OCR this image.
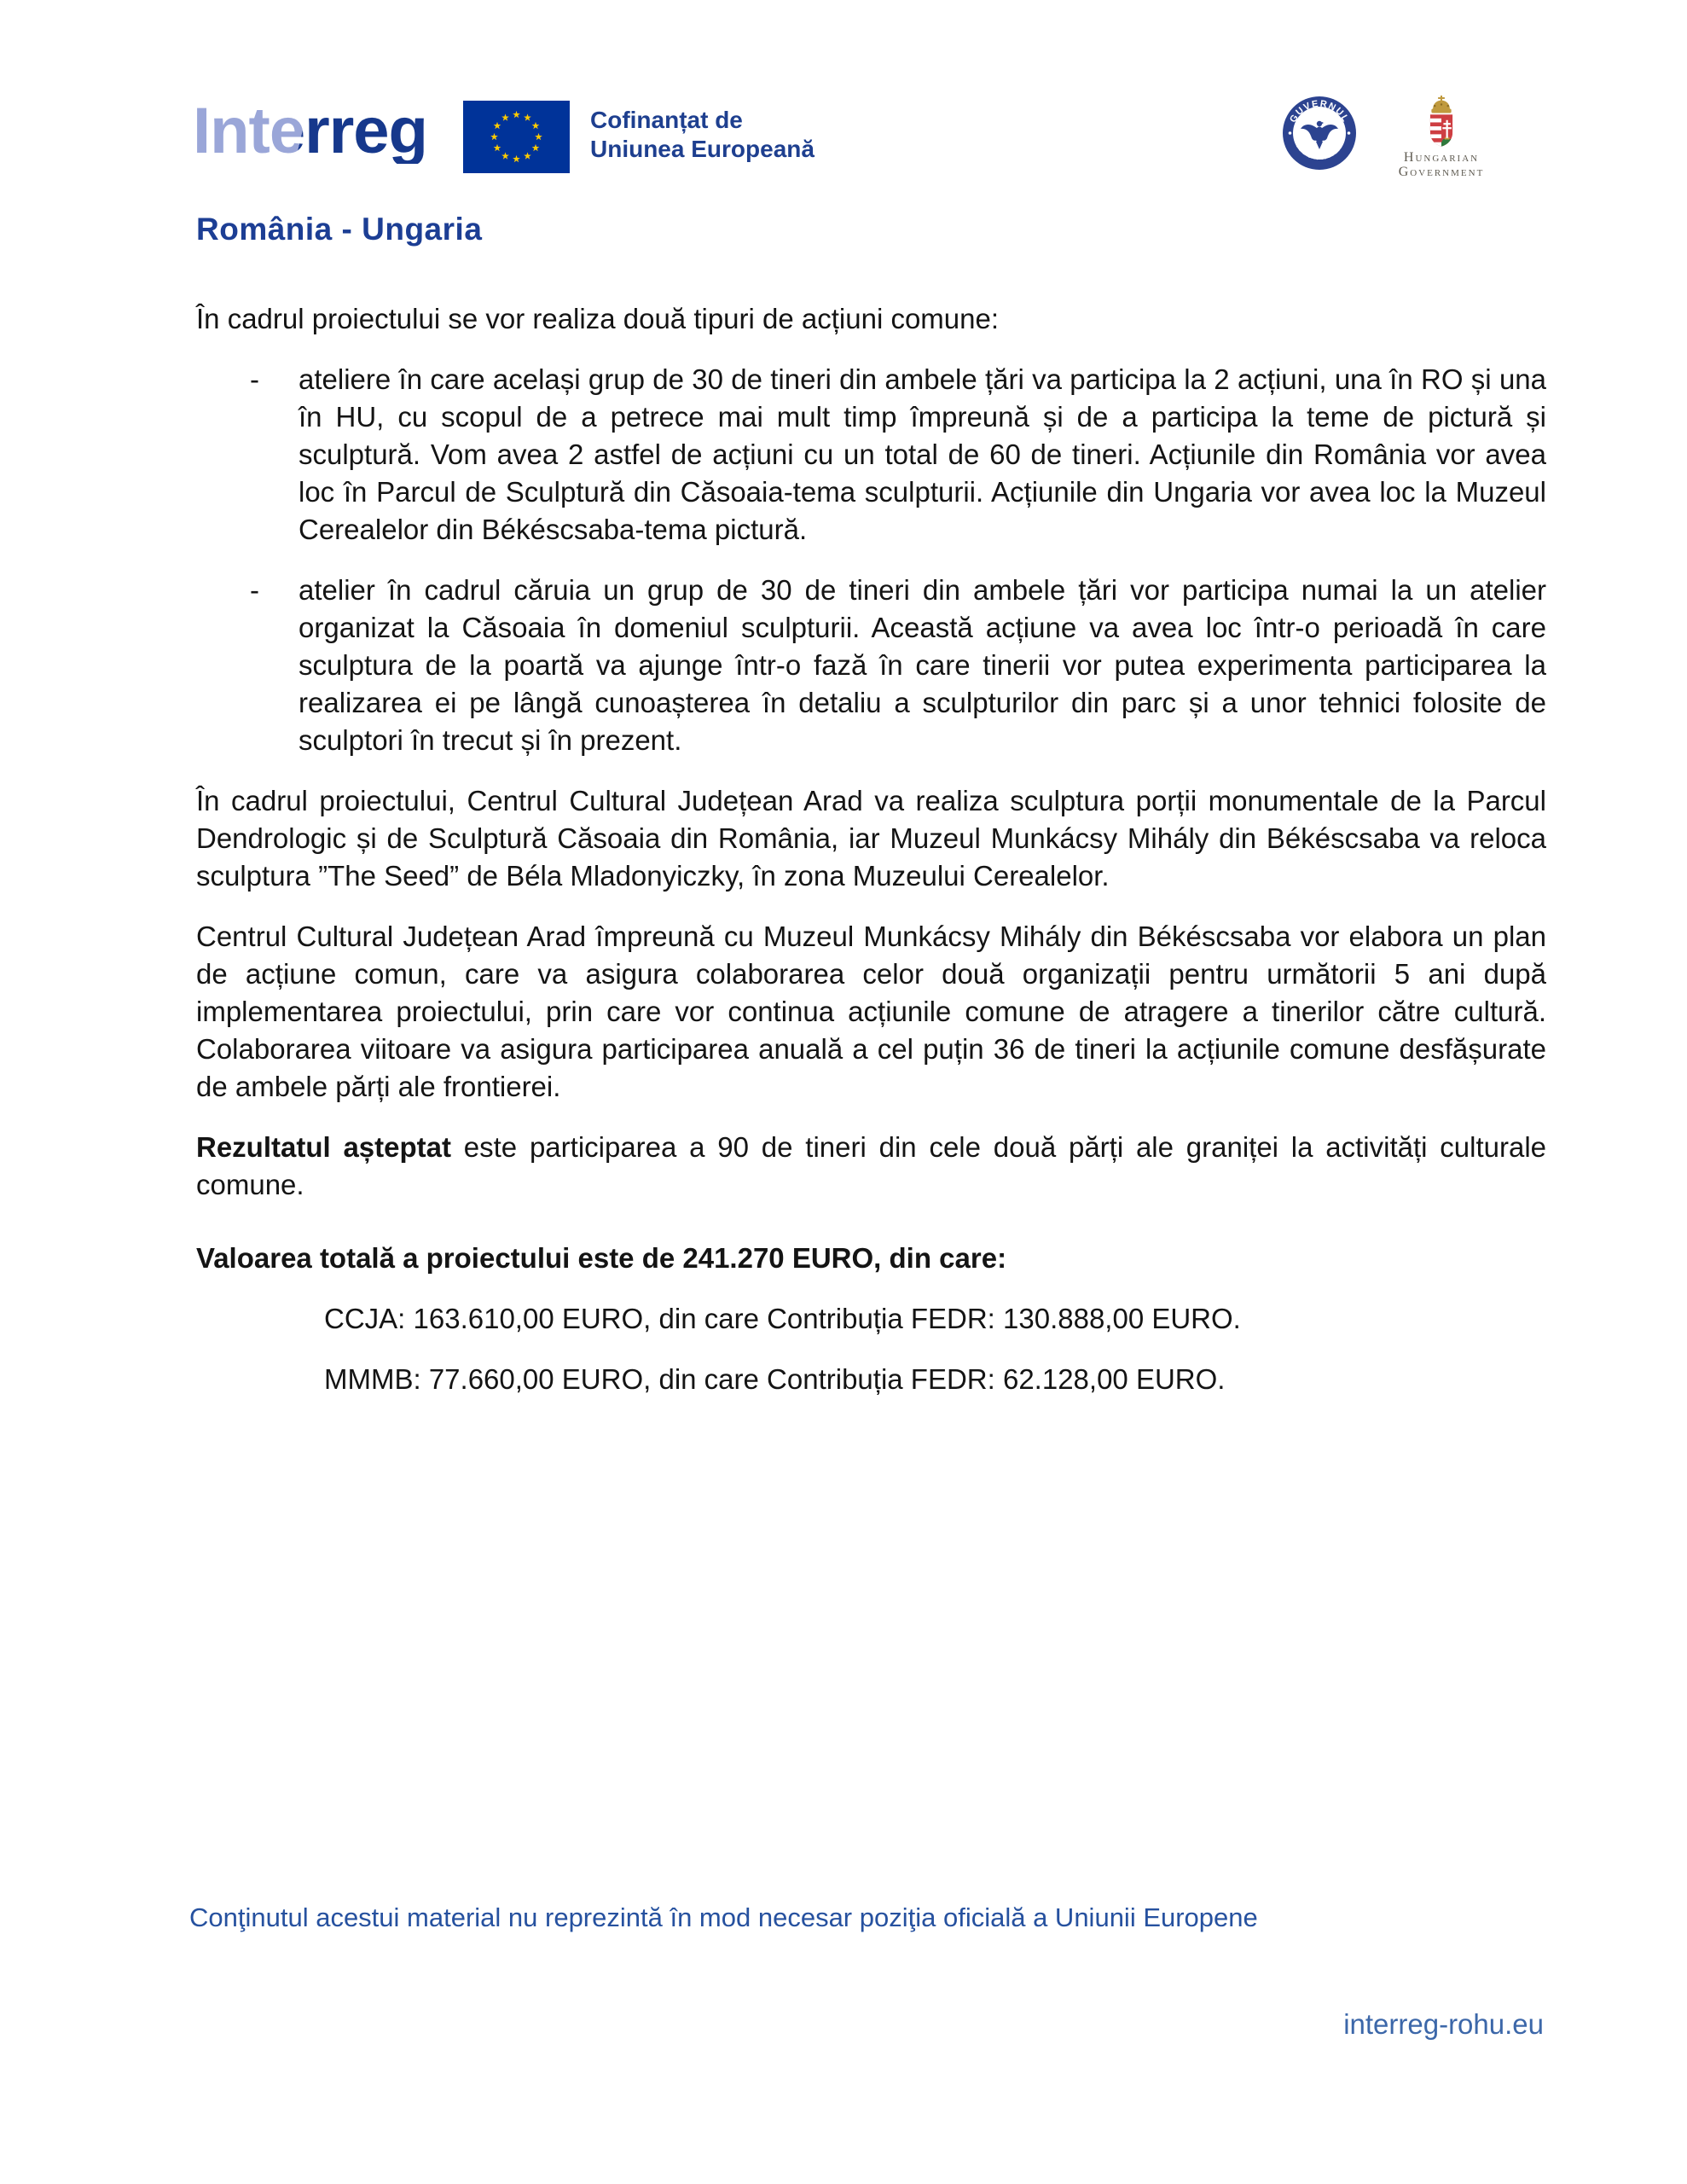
Interreg	Cofinanțat de
Uniunea Europeană
GUVERNUL
ROMÂNIEI
Hungarian
Government
România - Ungaria

În cadrul proiectului se vor realiza două tipuri de acțiuni comune:

- ateliere în care același grup de 30 de tineri din ambele țări va participa la 2 acțiuni, una în RO și una în HU, cu scopul de a petrece mai mult timp împreună și de a participa la teme de pictură și sculptură. Vom avea 2 astfel de acțiuni cu un total de 60 de tineri. Acțiunile din România vor avea loc în Parcul de Sculptură din Căsoaia-tema sculpturii. Acțiunile din Ungaria vor avea loc la Muzeul Cerealelor din Békéscsaba-tema pictură.
- atelier în cadrul căruia un grup de 30 de tineri din ambele țări vor participa numai la un atelier organizat la Căsoaia în domeniul sculpturii. Această acțiune va avea loc într-o perioadă în care sculptura de la poartă va ajunge într-o fază în care tinerii vor putea experimenta participarea la realizarea ei pe lângă cunoașterea în detaliu a sculpturilor din parc și a unor tehnici folosite de sculptori în trecut și în prezent.

În cadrul proiectului, Centrul Cultural Județean Arad va realiza sculptura porții monumentale de la Parcul Dendrologic și de Sculptură Căsoaia din România, iar Muzeul Munkácsy Mihály din Békéscsaba va reloca sculptura ”The Seed” de Béla Mladonyiczky, în zona Muzeului Cerealelor.

Centrul Cultural Județean Arad împreună cu Muzeul Munkácsy Mihály din Békéscsaba vor elabora un plan de acțiune comun, care va asigura colaborarea celor două organizații pentru următorii 5 ani după implementarea proiectului, prin care vor continua acțiunile comune de atragere a tinerilor către cultură. Colaborarea viitoare va asigura participarea anuală a cel puțin 36 de tineri la acțiunile comune desfășurate de ambele părți ale frontierei.

Rezultatul așteptat este participarea a 90 de tineri din cele două părți ale graniței la activități culturale comune.

Valoarea totală a proiectului este de 241.270 EURO, din care:

CCJA: 163.610,00 EURO, din care Contribuția FEDR: 130.888,00 EURO.

MMMB: 77.660,00 EURO, din care Contribuția FEDR: 62.128,00 EURO.

Conţinutul acestui material nu reprezintă în mod necesar poziţia oficială a Uniunii Europene
interreg-rohu.eu
